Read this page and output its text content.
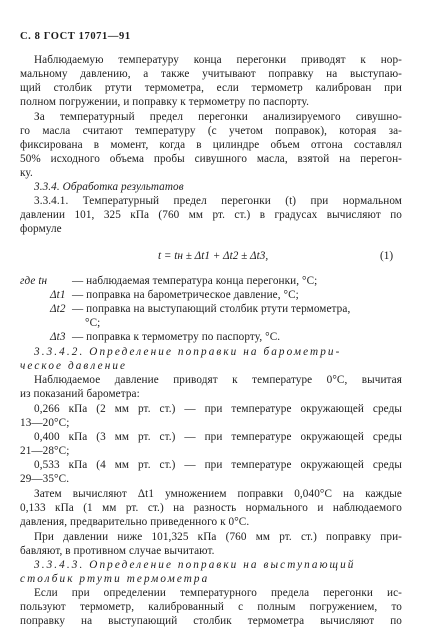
С. 8 ГОСТ 17071—91
Наблюдаемую температуру конца перегонки приводят к нор-
мальному давлению, а также учитывают поправку на выступаю-
щий столбик ртути термометра, если термометр калиброван при
полном погружении, и поправку к термометру по паспорту.
За температурный предел перегонки анализируемого сивушно-
го масла считают температуру (с учетом поправок), которая за-
фиксирована в момент, когда в цилиндре объем отгона составлял
50% исходного объема пробы сивушного масла, взятой на перегон-
ку.
3.3.4. Обработка результатов
3.3.4.1. Температурный предел перегонки (t) при нормальном
давлении 101, 325 кПа (760 мм рт. ст.) в градусах вычисляют по
формуле
t = tн ± Δt1 + Δt2 ± Δt3,	(1)
где tн — наблюдаемая температура конца перегонки, °С;
Δt1 — поправка на барометрическое давление, °С;
Δt2 — поправка на выступающий столбик ртути термометра,
°С;
Δt3 — поправка к термометру по паспорту, °С.
3.3.4.2. Определение поправки на барометри-
ческое давление
Наблюдаемое давление приводят к температуре 0°С, вычитая
из показаний барометра:
0,266 кПа (2 мм рт. ст.) — при температуре окружающей среды
13—20°С;
0,400 кПа (3 мм рт. ст.) — при температуре окружающей среды
21—28°С;
0,533 кПа (4 мм рт. ст.) — при температуре окружающей среды
29—35°С.
Затем вычисляют Δt1 умножением поправки 0,040°С на каждые
0,133 кПа (1 мм рт. ст.) на разность нормального и наблюдаемого
давления, предварительно приведенного к 0°С.
При давлении ниже 101,325 кПа (760 мм рт. ст.) поправку при-
бавляют, в противном случае вычитают.
3.3.4.3. Определение поправки на выступающий
столбик ртути термометра
Если при определении температурного предела перегонки ис-
пользуют термометр, калиброванный с полным погружением, то
поправку на выступающий столбик термометра вычисляют по
